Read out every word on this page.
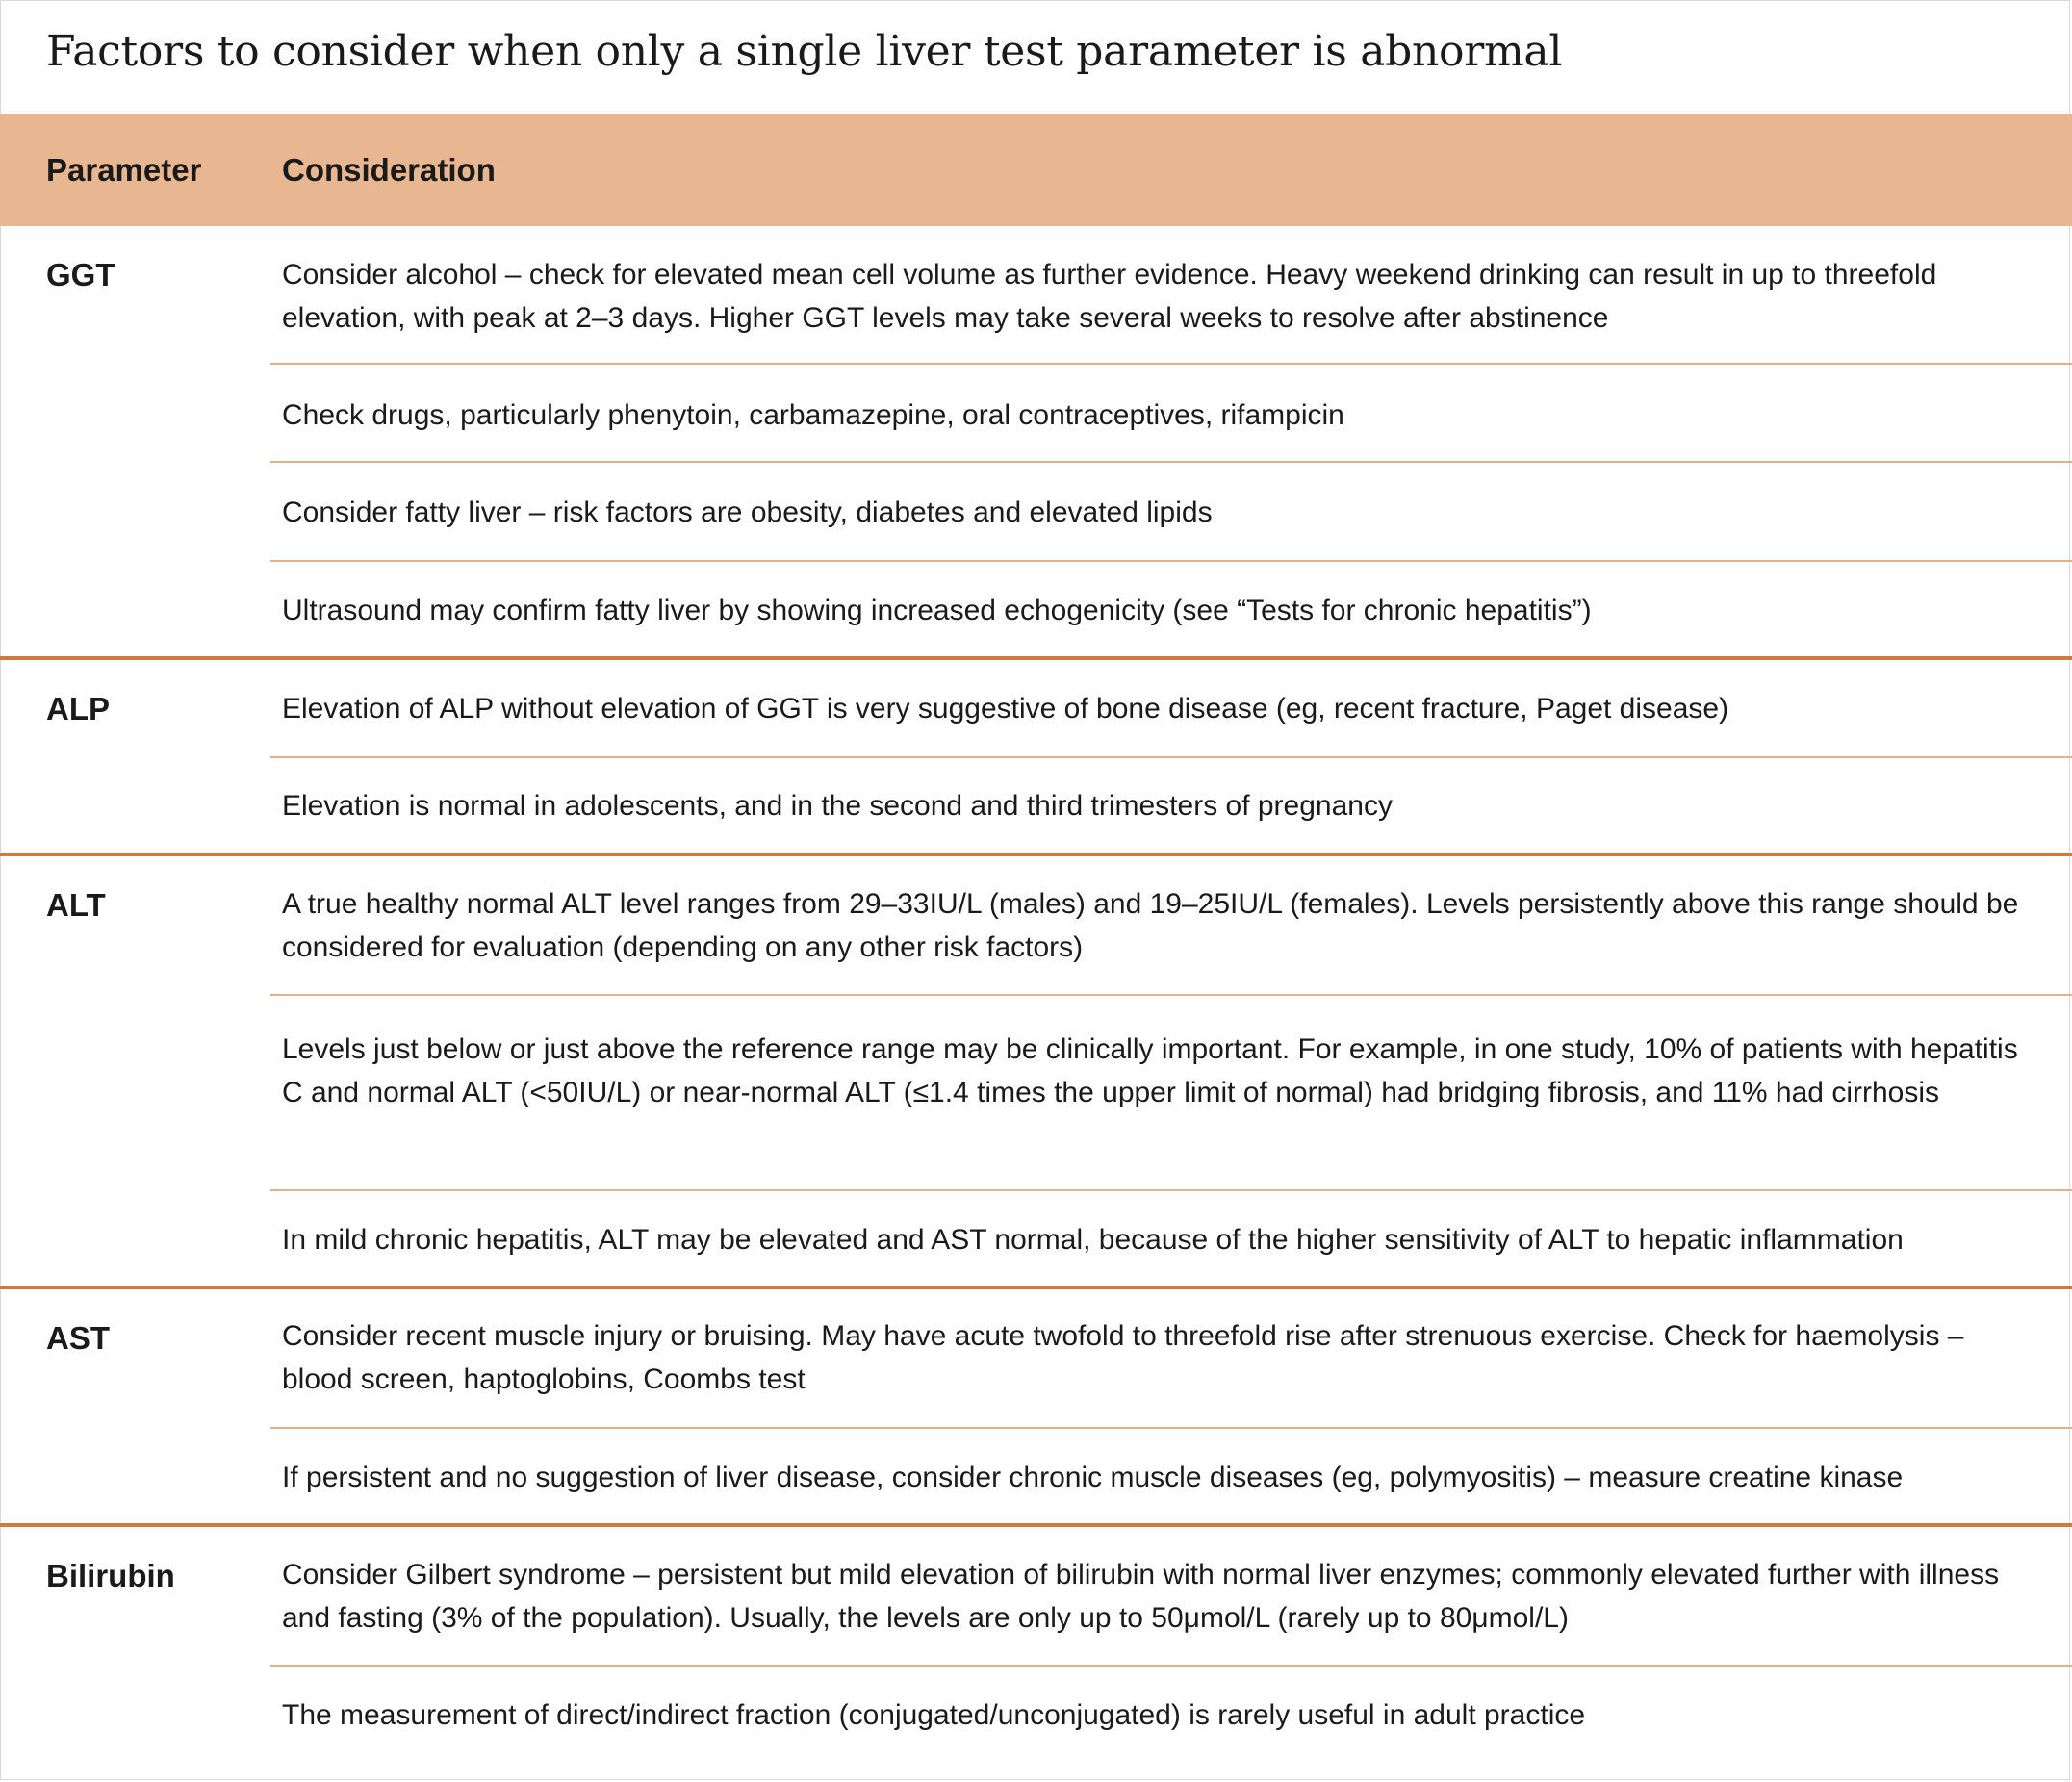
Factors to consider when only a single liver test parameter is abnormal
Parameter	Consideration
GGT	Consider alcohol – check for elevated mean cell volume as further evidence. Heavy weekend drinking can result in up to threefold elevation, with peak at 2–3 days. Higher GGT levels may take several weeks to resolve after abstinence
Check drugs, particularly phenytoin, carbamazepine, oral contraceptives, rifampicin
Consider fatty liver – risk factors are obesity, diabetes and elevated lipids
Ultrasound may confirm fatty liver by showing increased echogenicity (see “Tests for chronic hepatitis”)
ALP	Elevation of ALP without elevation of GGT is very suggestive of bone disease (eg, recent fracture, Paget disease)
Elevation is normal in adolescents, and in the second and third trimesters of pregnancy
ALT	A true healthy normal ALT level ranges from 29–33IU/L (males) and 19–25IU/L (females). Levels persistently above this range should be considered for evaluation (depending on any other risk factors)
Levels just below or just above the reference range may be clinically important. For example, in one study, 10% of patients with hepatitis C and normal ALT (<50IU/L) or near-normal ALT (≤1.4 times the upper limit of normal) had bridging fibrosis, and 11% had cirrhosis
In mild chronic hepatitis, ALT may be elevated and AST normal, because of the higher sensitivity of ALT to hepatic inflammation
AST	Consider recent muscle injury or bruising. May have acute twofold to threefold rise after strenuous exercise. Check for haemolysis – blood screen, haptoglobins, Coombs test
If persistent and no suggestion of liver disease, consider chronic muscle diseases (eg, polymyositis) – measure creatine kinase
Bilirubin	Consider Gilbert syndrome – persistent but mild elevation of bilirubin with normal liver enzymes; commonly elevated further with illness and fasting (3% of the population). Usually, the levels are only up to 50μmol/L (rarely up to 80μmol/L)
The measurement of direct/indirect fraction (conjugated/unconjugated) is rarely useful in adult practice
